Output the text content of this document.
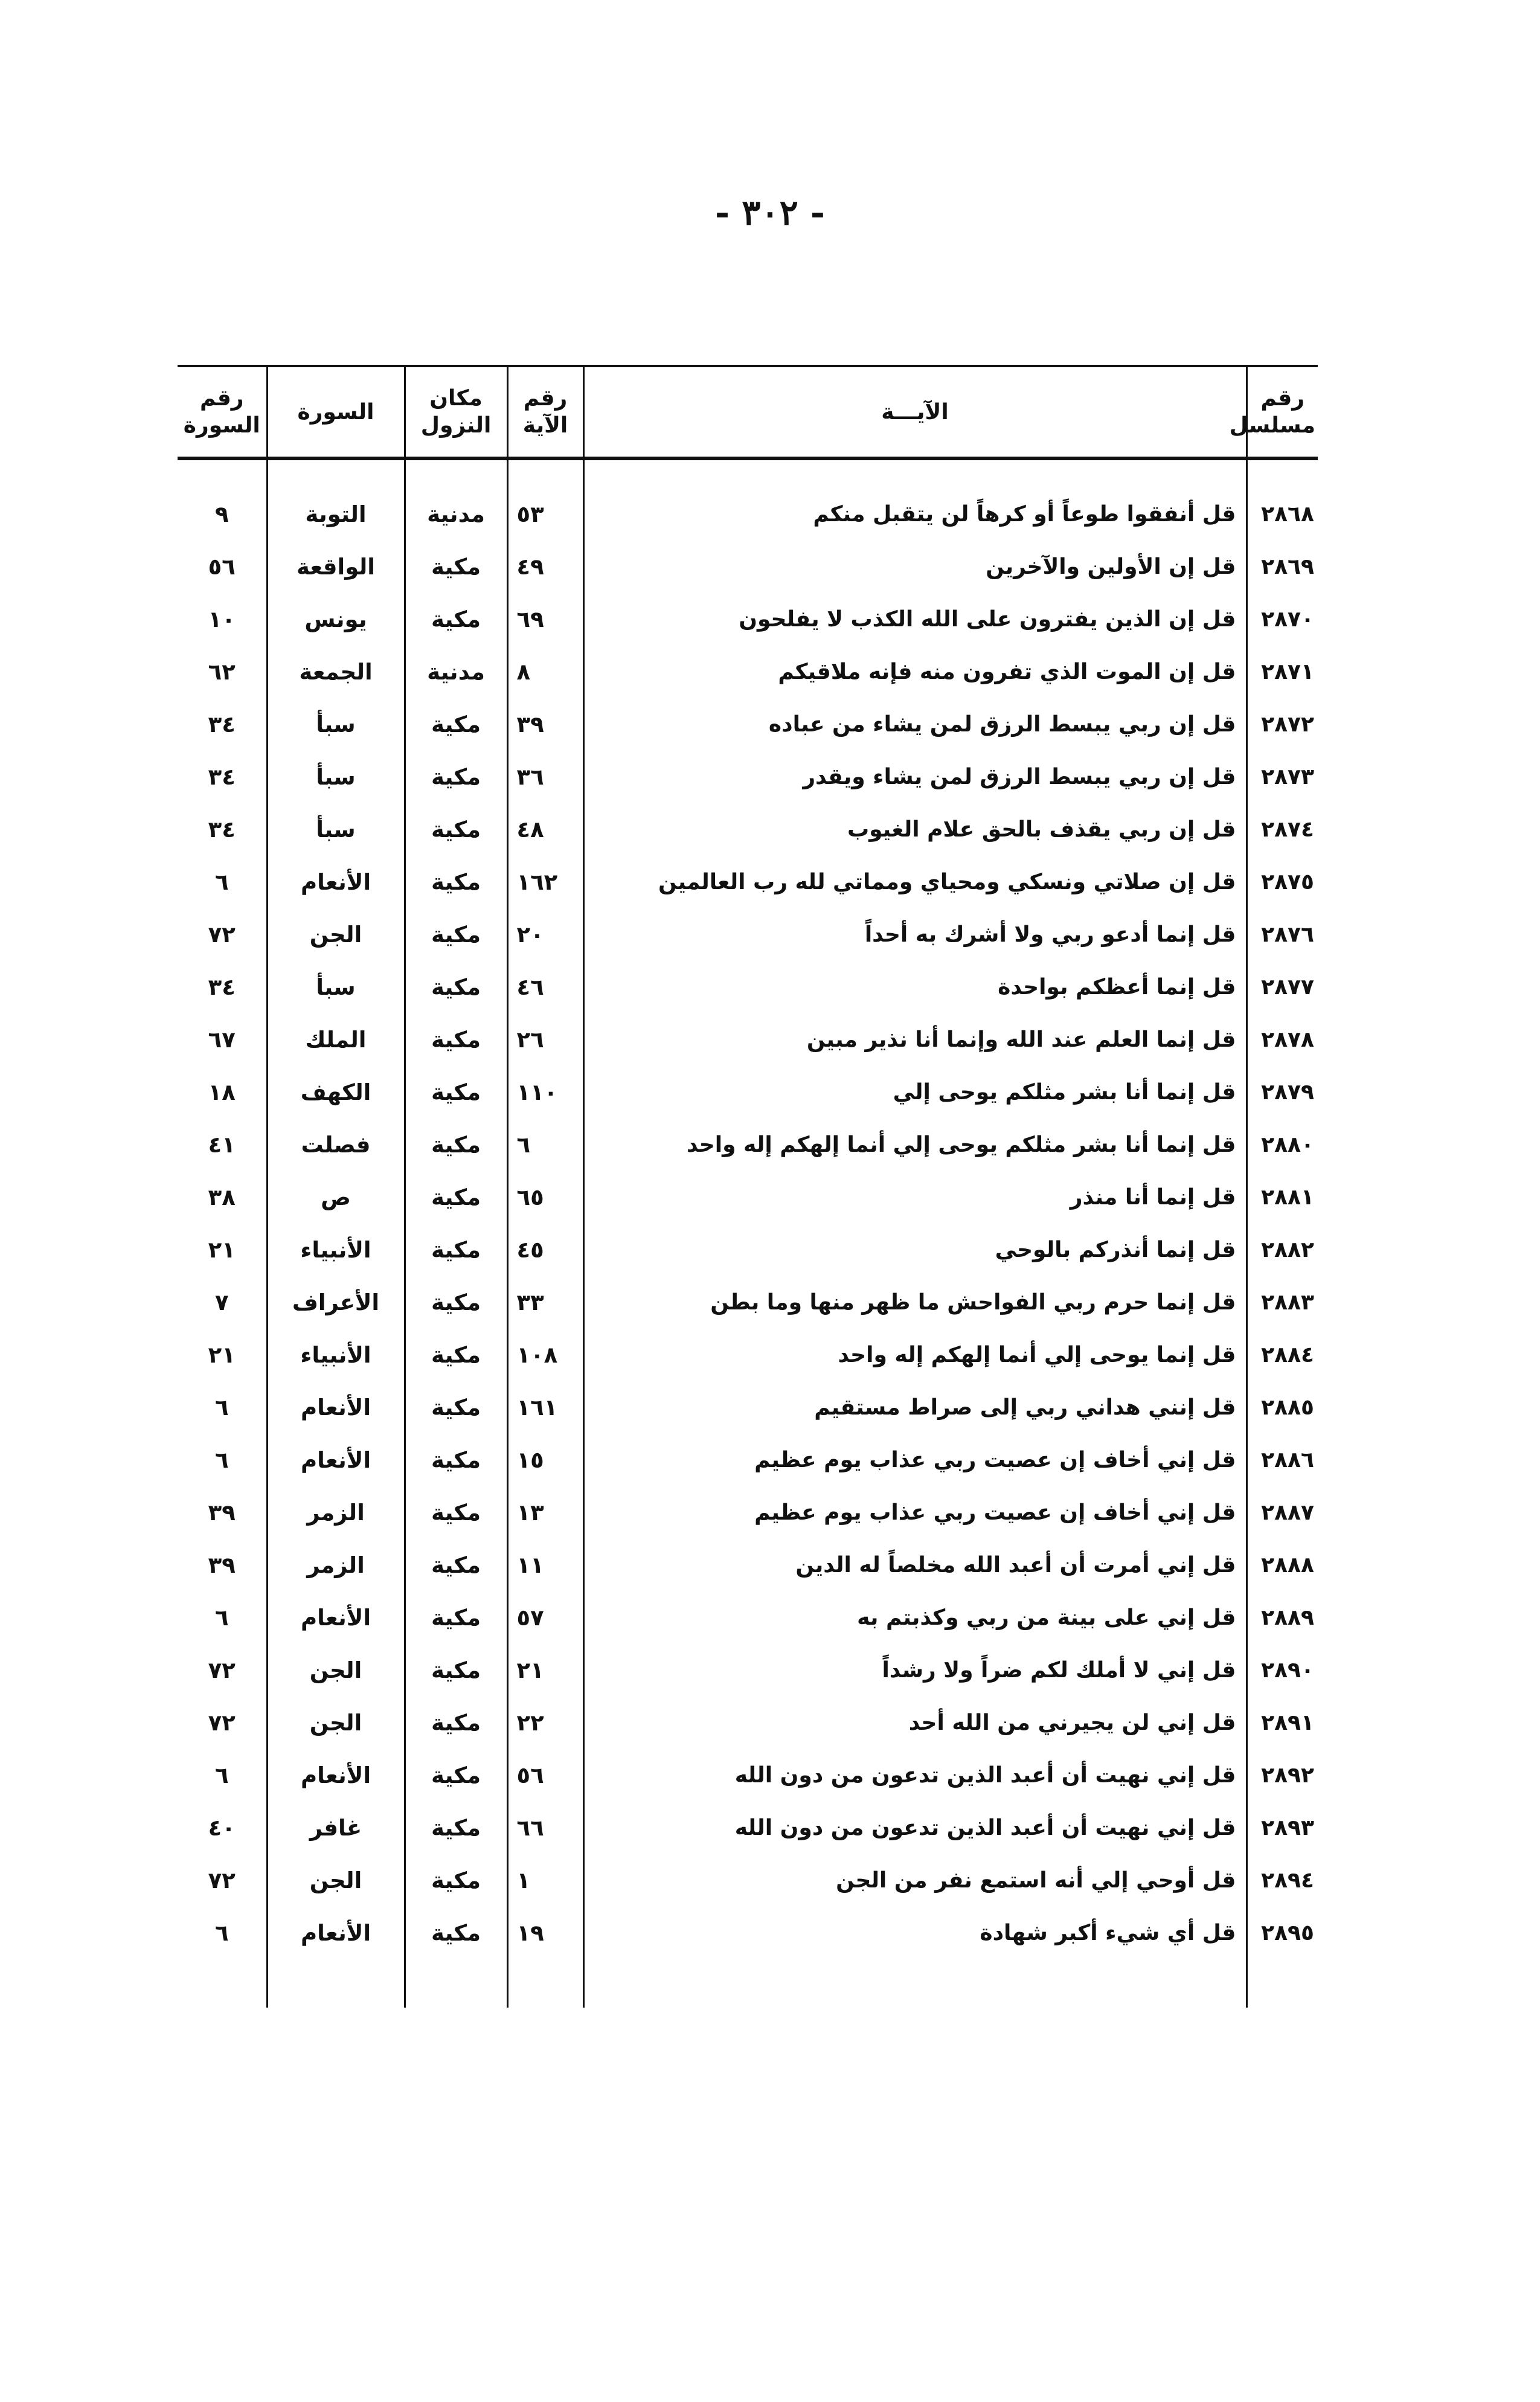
- ٣٠٢ -
رقم مسلسل	الآيـــة	رقم الآية	مكان النزول	السورة	رقم السورة

٢٨٦٨	قل أنفقوا طوعاً أو كرهاً لن يتقبل منكم	٥٣	مدنية	التوبة	٩
٢٨٦٩	قل إن الأولين والآخرين	٤٩	مكية	الواقعة	٥٦
٢٨٧٠	قل إن الذين يفترون على الله الكذب لا يفلحون	٦٩	مكية	يونس	١٠
٢٨٧١	قل إن الموت الذي تفرون منه فإنه ملاقيكم	٨	مدنية	الجمعة	٦٢
٢٨٧٢	قل إن ربي يبسط الرزق لمن يشاء من عباده	٣٩	مكية	سبأ	٣٤
٢٨٧٣	قل إن ربي يبسط الرزق لمن يشاء ويقدر	٣٦	مكية	سبأ	٣٤
٢٨٧٤	قل إن ربي يقذف بالحق علام الغيوب	٤٨	مكية	سبأ	٣٤
٢٨٧٥	قل إن صلاتي ونسكي ومحياي ومماتي لله رب العالمين	١٦٢	مكية	الأنعام	٦
٢٨٧٦	قل إنما أدعو ربي ولا أشرك به أحداً	٢٠	مكية	الجن	٧٢
٢٨٧٧	قل إنما أعظكم بواحدة	٤٦	مكية	سبأ	٣٤
٢٨٧٨	قل إنما العلم عند الله وإنما أنا نذير مبين	٢٦	مكية	الملك	٦٧
٢٨٧٩	قل إنما أنا بشر مثلكم يوحى إلي	١١٠	مكية	الكهف	١٨
٢٨٨٠	قل إنما أنا بشر مثلكم يوحى إلي أنما إلهكم إله واحد	٦	مكية	فصلت	٤١
٢٨٨١	قل إنما أنا منذر	٦٥	مكية	ص	٣٨
٢٨٨٢	قل إنما أنذركم بالوحي	٤٥	مكية	الأنبياء	٢١
٢٨٨٣	قل إنما حرم ربي الفواحش ما ظهر منها وما بطن	٣٣	مكية	الأعراف	٧
٢٨٨٤	قل إنما يوحى إلي أنما إلهكم إله واحد	١٠٨	مكية	الأنبياء	٢١
٢٨٨٥	قل إنني هداني ربي إلى صراط مستقيم	١٦١	مكية	الأنعام	٦
٢٨٨٦	قل إني أخاف إن عصيت ربي عذاب يوم عظيم	١٥	مكية	الأنعام	٦
٢٨٨٧	قل إني أخاف إن عصيت ربي عذاب يوم عظيم	١٣	مكية	الزمر	٣٩
٢٨٨٨	قل إني أمرت أن أعبد الله مخلصاً له الدين	١١	مكية	الزمر	٣٩
٢٨٨٩	قل إني على بينة من ربي وكذبتم به	٥٧	مكية	الأنعام	٦
٢٨٩٠	قل إني لا أملك لكم ضراً ولا رشداً	٢١	مكية	الجن	٧٢
٢٨٩١	قل إني لن يجيرني من الله أحد	٢٢	مكية	الجن	٧٢
٢٨٩٢	قل إني نهيت أن أعبد الذين تدعون من دون الله	٥٦	مكية	الأنعام	٦
٢٨٩٣	قل إني نهيت أن أعبد الذين تدعون من دون الله	٦٦	مكية	غافر	٤٠
٢٨٩٤	قل أوحي إلي أنه استمع نفر من الجن	١	مكية	الجن	٧٢
٢٨٩٥	قل أي شيء أكبر شهادة	١٩	مكية	الأنعام	٦
